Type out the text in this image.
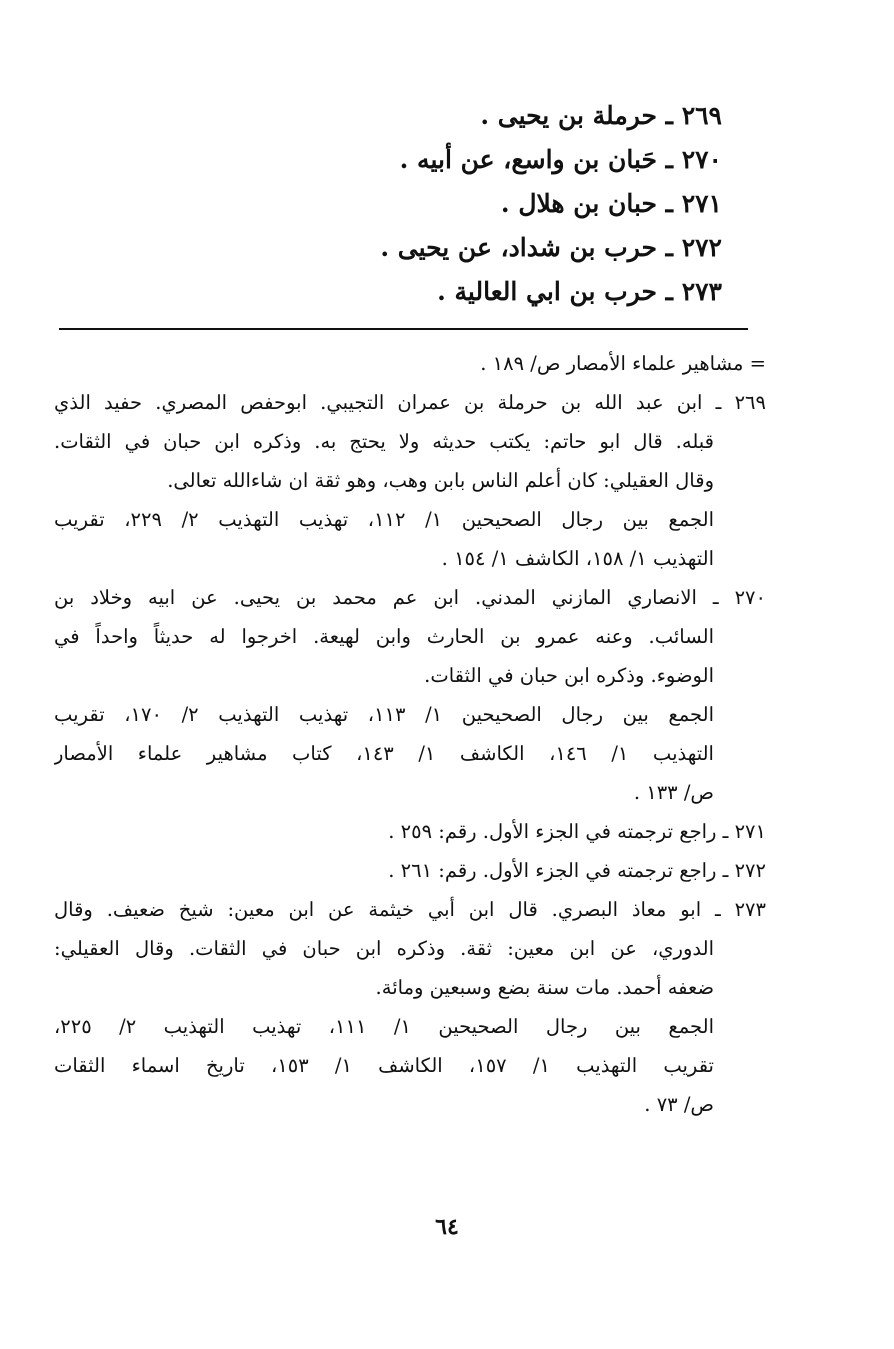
٢٦٩ ـ حرملة بن يحيى .
٢٧٠ ـ حَبان بن واسع، عن أبيه .
٢٧١ ـ حبان بن هلال .
٢٧٢ ـ حرب بن شداد، عن يحيى .
٢٧٣ ـ حرب بن ابي العالية .
= مشاهير علماء الأمصار ص/ ١٨٩ .
٢٦٩ ـ ابن عبد الله بن حرملة بن عمران التجيبي. ابوحفص المصري. حفيد الذي
قبله. قال ابو حاتم: يكتب حديثه ولا يحتج به. وذكره ابن حبان في الثقات.
وقال العقيلي: كان أعلم الناس بابن وهب، وهو ثقة ان شاءالله تعالى.
الجمع بين رجال الصحيحين ١/ ١١٢، تهذيب التهذيب ٢/ ٢٢٩، تقريب
التهذيب ١/ ١٥٨، الكاشف ١/ ١٥٤ .
٢٧٠ ـ الانصاري المازني المدني. ابن عم محمد بن يحيى. عن ابيه وخلاد بن
السائب. وعنه عمرو بن الحارث وابن لهيعة. اخرجوا له حديثاً واحداً في
الوضوء. وذكره ابن حبان في الثقات.
الجمع بين رجال الصحيحين ١/ ١١٣، تهذيب التهذيب ٢/ ١٧٠، تقريب
التهذيب ١/ ١٤٦، الكاشف ١/ ١٤٣، كتاب مشاهير علماء الأمصار
ص/ ١٣٣ .
٢٧١ ـ راجع ترجمته في الجزء الأول. رقم: ٢٥٩ .
٢٧٢ ـ راجع ترجمته في الجزء الأول. رقم: ٢٦١ .
٢٧٣ ـ ابو معاذ البصري. قال ابن أبي خيثمة عن ابن معين: شيخ ضعيف. وقال
الدوري، عن ابن معين: ثقة. وذكره ابن حبان في الثقات. وقال العقيلي:
ضعفه أحمد. مات سنة بضع وسبعين ومائة.
الجمع بين رجال الصحيحين ١/ ١١١، تهذيب التهذيب ٢/ ٢٢٥،
تقريب التهذيب ١/ ١٥٧، الكاشف ١/ ١٥٣، تاريخ اسماء الثقات
ص/ ٧٣ .
٦٤
